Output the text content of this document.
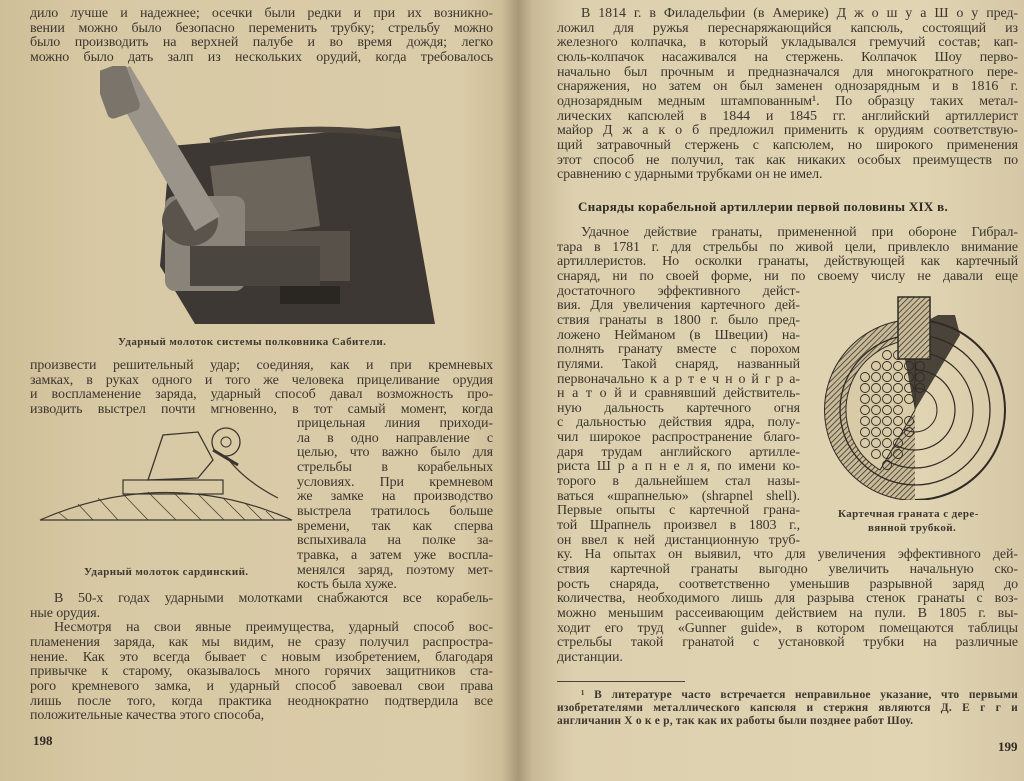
Ударный молоток системы полковника Сабители.
Ударный молоток сардинский.
198
Снаряды корабельной артиллерии первой половины XIX в.
Картечная граната с дере-
вянной трубкой.
199
дило лучше и надежнее; осечки были редки и при их возникно-
вении можно было безопасно переменить трубку; стрельбу можно
было производить на верхней палубе и во время дождя; легко
можно было дать залп из нескольких орудий, когда требовалось
произвести решительный удар; соединяя, как и при кремневых
замках, в руках одного и того же человека прицеливание орудия
и воспламенение заряда, ударный способ давал возможность про-
изводить выстрел почти мгновенно, в тот самый момент, когда
прицельная линия приходи-
ла в одно направление с
целью, что важно было для
стрельбы в корабельных
условиях. При кремневом
же замке на производство
выстрела тратилось больше
времени, так как сперва
вспыхивала на полке за-
травка, а затем уже воспла-
менялся заряд, поэтому мет-
кость была хуже.
В 50-х годах ударными молотками снабжаются все корабель-
ные орудия.
Несмотря на свои явные преимущества, ударный способ вос-
пламенения заряда, как мы видим, не сразу получил распростра-
нение. Как это всегда бывает с новым изобретением, благодаря
привычке к старому, оказывалось много горячих защитников ста-
рого кремневого замка, и ударный способ завоевал свои права
лишь после того, когда практика неоднократно подтвердила все
положительные качества этого способа,
В 1814 г. в Филадельфии (в Америке) Д ж о ш у а Ш о у пред-
ложил для ружья переснаряжающийся капсюль, состоящий из
железного колпачка, в который укладывался гремучий состав; кап-
сюль-колпачок насаживался на стержень. Колпачок Шоу перво-
начально был прочным и предназначался для многократного пере-
снаряжения, но затем он был заменен однозарядным и в 1816 г.
однозарядным медным штампованным¹. По образцу таких метал-
лических капсюлей в 1844 и 1845 гг. английский артиллерист
майор Д ж а к о б предложил применить к орудиям соответствую-
щий затравочный стержень с капсюлем, но широкого применения
этот способ не получил, так как никаких особых преимуществ по
сравнению с ударными трубками он не имел.
Удачное действие гранаты, примененной при обороне Гибрал-
тара в 1781 г. для стрельбы по живой цели, привлекло внимание
артиллеристов. Но осколки гранаты, действующей как картечный
снаряд, ни по своей форме, ни по своему числу не давали еще
достаточного эффективного дейст-
вия. Для увеличения картечного дей-
ствия гранаты в 1800 г. было пред-
ложено Нейманом (в Швеции) на-
полнять гранату вместе с порохом
пулями. Такой снаряд, названный
первоначально к а р т е ч н о й г р а-
н а т о й и сравнявший действитель-
ную дальность картечного огня
с дальностью действия ядра, полу-
чил широкое распространение благо-
даря трудам английского артилле-
риста Ш р а п н е л я, по имени ко-
торого в дальнейшем стал назы-
ваться «шрапнелью» (shrapnel shell).
Первые опыты с картечной грана-
той Шрапнель произвел в 1803 г.,
он ввел к ней дистанционную труб-
ку. На опытах он выявил, что для увеличения эффективного дей-
ствия картечной гранаты выгодно увеличить начальную ско-
рость снаряда, соответственно уменьшив разрывной заряд до
количества, необходимого лишь для разрыва стенок гранаты с воз-
можно меньшим рассеивающим действием на пули. В 1805 г. вы-
ходит его труд «Gunner guide», в котором помещаются таблицы
стрельбы такой гранатой с установкой трубки на различные
дистанции.
¹ В литературе часто встречается неправильное указание, что первыми
изобретателями металлического капсюля и стержня являются Д. Е г г и
англичанин Х о к е р, так как их работы были позднее работ Шоу.
